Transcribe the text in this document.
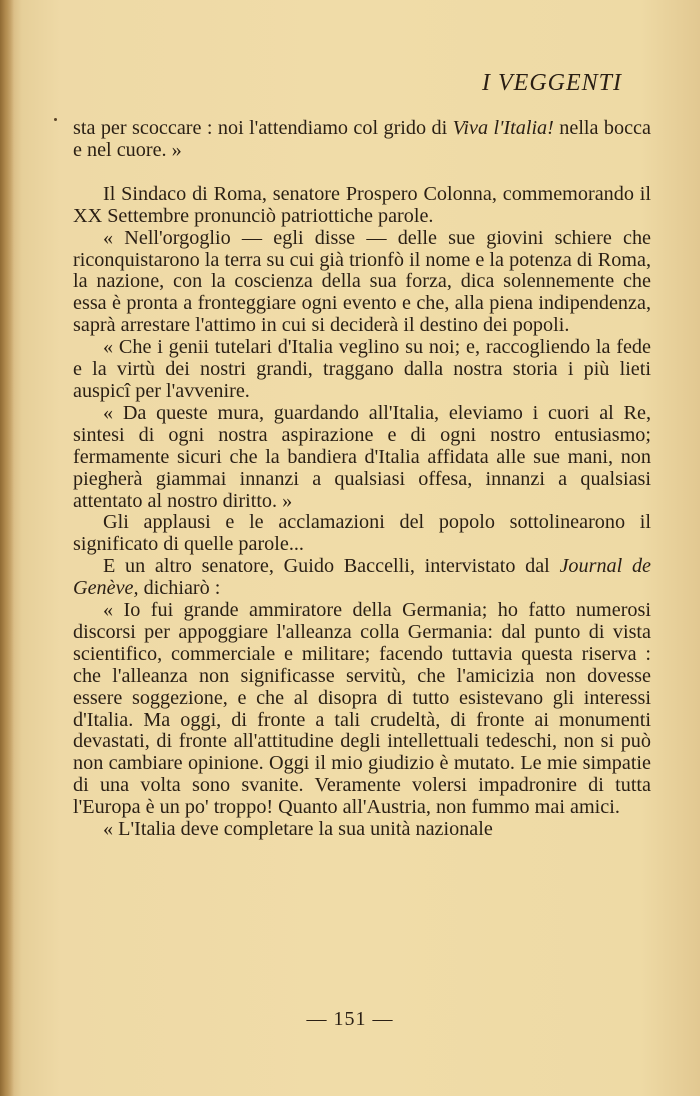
I VEGGENTI

sta per scoccare : noi l'attendiamo col grido di Viva l'Italia! nella bocca e nel cuore. »

Il Sindaco di Roma, senatore Prospero Colonna, commemorando il XX Settembre pronunciò patriottiche parole.

« Nell'orgoglio — egli disse — delle sue giovini schiere che riconquistarono la terra su cui già trionfò il nome e la potenza di Roma, la nazione, con la coscienza della sua forza, dica solennemente che essa è pronta a fronteggiare ogni evento e che, alla piena indipendenza, saprà arrestare l'attimo in cui si deciderà il destino dei popoli.

« Che i genii tutelari d'Italia veglino su noi; e, raccogliendo la fede e la virtù dei nostri grandi, traggano dalla nostra storia i più lieti auspicî per l'avvenire.

« Da queste mura, guardando all'Italia, eleviamo i cuori al Re, sintesi di ogni nostra aspirazione e di ogni nostro entusiasmo; fermamente sicuri che la bandiera d'Italia affidata alle sue mani, non piegherà giammai innanzi a qualsiasi offesa, innanzi a qualsiasi attentato al nostro diritto. »

Gli applausi e le acclamazioni del popolo sottolinearono il significato di quelle parole...

E un altro senatore, Guido Baccelli, intervistato dal Journal de Genève, dichiarò :

« Io fui grande ammiratore della Germania; ho fatto numerosi discorsi per appoggiare l'alleanza colla Germania: dal punto di vista scientifico, commerciale e militare; facendo tuttavia questa riserva : che l'alleanza non significasse servitù, che l'amicizia non dovesse essere soggezione, e che al disopra di tutto esistevano gli interessi d'Italia. Ma oggi, di fronte a tali crudeltà, di fronte ai monumenti devastati, di fronte all'attitudine degli intellettuali tedeschi, non si può non cambiare opinione. Oggi il mio giudizio è mutato. Le mie simpatie di una volta sono svanite. Veramente volersi impadronire di tutta l'Europa è un po' troppo! Quanto all'Austria, non fummo mai amici.

« L'Italia deve completare la sua unità nazionale

— 151 —
